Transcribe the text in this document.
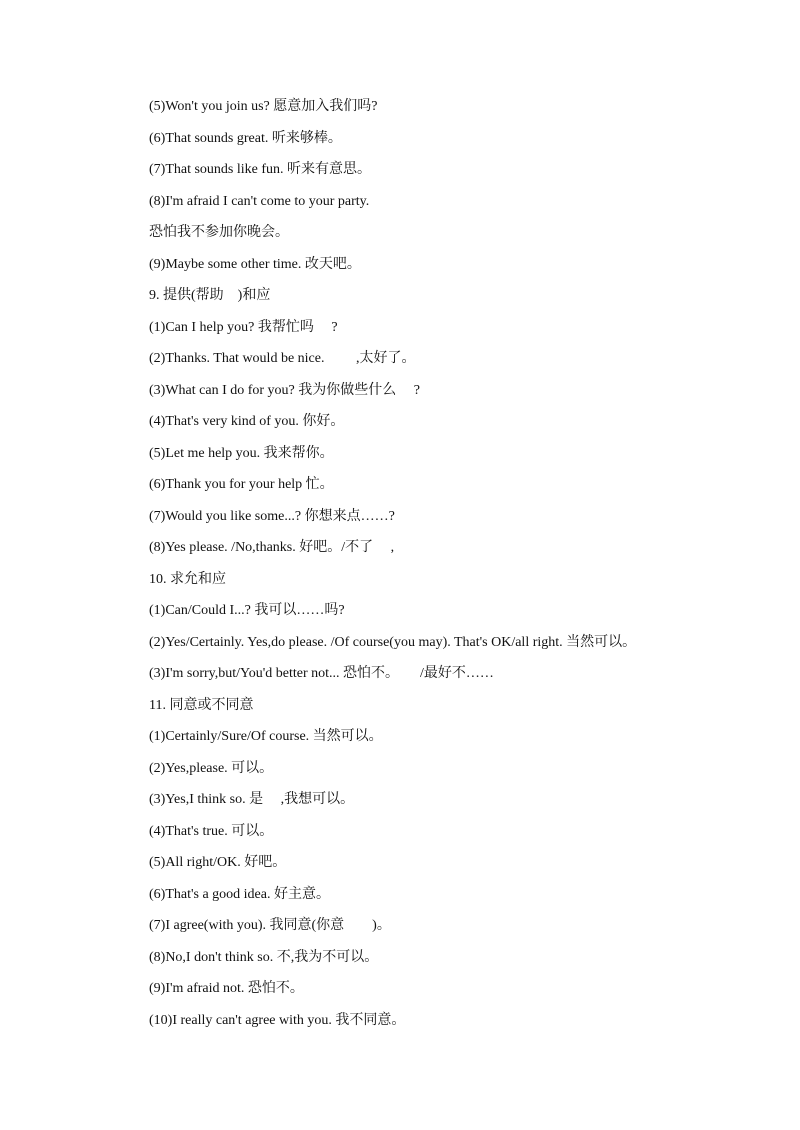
(5)Won't you join us? 愿意加入我们吗?
(6)That sounds great. 听来够棒。
(7)That sounds like fun. 听来有意思。
(8)I'm afraid I can't come to your party.
恐怕我不参加你晚会。
(9)Maybe some other time. 改天吧。
9. 提供(帮助    )和应
(1)Can I help you? 我帮忙吗     ?
(2)Thanks. That would be nice.         ,太好了。
(3)What can I do for you? 我为你做些什么     ?
(4)That's very kind of you. 你好。
(5)Let me help you. 我来帮你。
(6)Thank you for your help 忙。
(7)Would you like some...? 你想来点……?
(8)Yes please. /No,thanks. 好吧。/不了     ,
10. 求允和应
(1)Can/Could I...? 我可以……吗?
(2)Yes/Certainly. Yes,do please. /Of course(you may). That's OK/all right. 当然可以。
(3)I'm sorry,but/You'd better not... 恐怕不。      /最好不……
11. 同意或不同意
(1)Certainly/Sure/Of course. 当然可以。
(2)Yes,please. 可以。
(3)Yes,I think so. 是     ,我想可以。
(4)That's true. 可以。
(5)All right/OK. 好吧。
(6)That's a good idea. 好主意。
(7)I agree(with you). 我同意(你意        )。
(8)No,I don't think so. 不,我为不可以。
(9)I'm afraid not. 恐怕不。
(10)I really can't agree with you. 我不同意。
